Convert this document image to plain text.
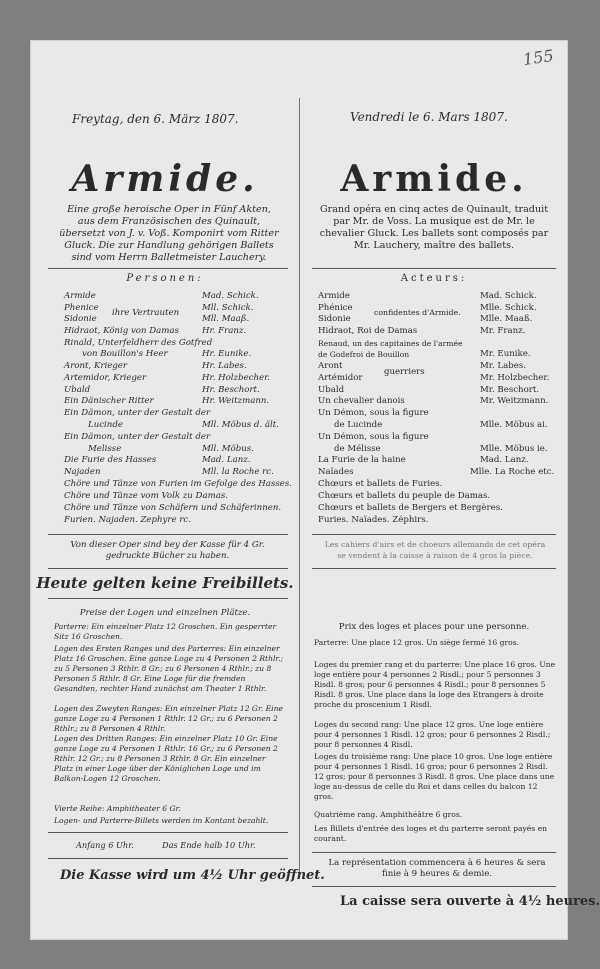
155
Freytag, den 6. März 1807.
Armide.
Eine große heroische Oper in Fünf Akten, aus dem Französischen des Quinault, übersetzt von J. v. Voß. Komponirt vom Ritter Gluck. Die zur Handlung gehörigen Ballets sind vom Herrn Balletmeister Lauchery.
Personen:
Armide	Mad. Schick.
Phenice	Mll. Schick.
Sidonie	Mll. Maaß.
ihre Vertrauten
Hidraot, König von Damas	Hr. Franz.
Rinald, Unterfeldherr des Gotfred
von Bouillon's Heer	Hr. Eunike.
Aront, Krieger	Hr. Labes.
Artemidor, Krieger	Hr. Holzbecher.
Ubald	Hr. Beschort.
Ein Dänischer Ritter	Hr. Weitzmann.
Ein Dämon, unter der Gestalt der
Lucinde	Mll. Möbus d. ält.
Ein Dämon, unter der Gestalt der
Melisse	Mll. Möbus.
Die Furie des Hasses	Mad. Lanz.
Najaden	Mll. la Roche rc.
Chöre und Tänze von Furien im Gefolge des Hasses.
Chöre und Tänze vom Volk zu Damas.
Chöre und Tänze von Schäfern und Schäferinnen.
Furien. Najaden. Zephyre rc.
Von dieser Oper sind bey der Kasse für 4 Gr. gedruckte Bücher zu haben.
Heute gelten keine Freibillets.
Preise der Logen und einzelnen Plätze.
Parterre: Ein einzelner Platz 12 Groschen. Ein gesperrter Sitz 16 Groschen.
Logen des Ersten Ranges und des Parterres: Ein einzelner Platz 16 Groschen. Eine ganze Loge zu 4 Personen 2 Rthlr.; zu 5 Personen 3 Rthlr. 8 Gr.; zu 6 Personen 4 Rthlr.; zu 8 Personen 5 Rthlr. 8 Gr. Eine Loge für die fremden Gesandten, rechter Hand zunächst am Theater 1 Rthlr.
Logen des Zweyten Ranges: Ein einzelner Platz 12 Gr. Eine ganze Loge zu 4 Personen 1 Rthlr. 12 Gr.; zu 6 Personen 2 Rthlr.; zu 8 Personen 4 Rthlr.
Logen des Dritten Ranges: Ein einzelner Platz 10 Gr. Eine ganze Loge zu 4 Personen 1 Rthlr. 16 Gr.; zu 6 Personen 2 Rthlr. 12 Gr.; zu 8 Personen 3 Rthlr. 8 Gr. Ein einzelner Platz in einer Loge über der Königlichen Loge und im Balkon-Logen 12 Groschen.
Vierte Reihe: Amphitheater 6 Gr.
Logen- und Parterre-Billets werden im Kontant bezahlt.
Anfang 6 Uhr.	Das Ende halb 10 Uhr.
Die Kasse wird um 4½ Uhr geöffnet.
Vendredi le 6. Mars 1807.
Armide.
Grand opéra en cinq actes de Quinault, traduit par Mr. de Voss. La musique est de Mr. le chevalier Gluck. Les ballets sont composés par Mr. Lauchery, maître des ballets.
Acteurs:
Armide	Mad. Schick.
Phénice	Mlle. Schick.
Sidonie	Mlle. Maaß.
confidentes d'Armide.
Hidraot, Roi de Damas	Mr. Franz.
Renaud, un des capitaines de l'armée de Godefroi de Bouillon	Mr. Eunike.
Aront	Mr. Labes.
Artémidor	Mr. Holzbecher.
guerriers
Ubald	Mr. Beschort.
Un chevalier danois	Mr. Weitzmann.
Un Démon, sous la figure
de Lucinde	Mlle. Möbus ai.
Un Démon, sous la figure
de Mélisse	Mlle. Möbus ie.
La Furie de la haine	Mad. Lanz.
Naïades	Mlle. La Roche etc.
Chœurs et ballets de Furies.
Chœurs et ballets du peuple de Damas.
Chœurs et ballets de Bergers et Bergères.
Furies. Naïades. Zéphirs.
Les cahiers d'airs et de choeurs allemands de cet opéra se vendent à la caisse à raison de 4 gros la pièce.
Prix des loges et places pour une personne.
Parterre: Une place 12 gros. Un siège fermé 16 gros.
Loges du premier rang et du parterre: Une place 16 gros. Une loge entière pour 4 personnes 2 Risdl.; pour 5 personnes 3 Risdl. 8 gros; pour 6 personnes 4 Risdl.; pour 8 personnes 5 Risdl. 8 gros. Une place dans la loge des Etrangers à droite proche du proscenium 1 Risdl.
Loges du second rang: Une place 12 gros. Une loge entière pour 4 personnes 1 Risdl. 12 gros; pour 6 personnes 2 Risdl.; pour 8 personnes 4 Risdl.
Loges du troisième rang: Une place 10 gros. Une loge entière pour 4 personnes 1 Risdl. 16 gros; pour 6 personnes 2 Risdl. 12 gros; pour 8 personnes 3 Risdl. 8 gros. Une place dans une loge au-dessus de celle du Roi et dans celles du balcon 12 gros.
Quatrième rang. Amphithéâtre 6 gros.
Les Billets d'entrée des loges et du parterre seront payés en courant.
La représentation commencera à 6 heures & sera finie à 9 heures & demie.
La caisse sera ouverte à 4½ heures.
